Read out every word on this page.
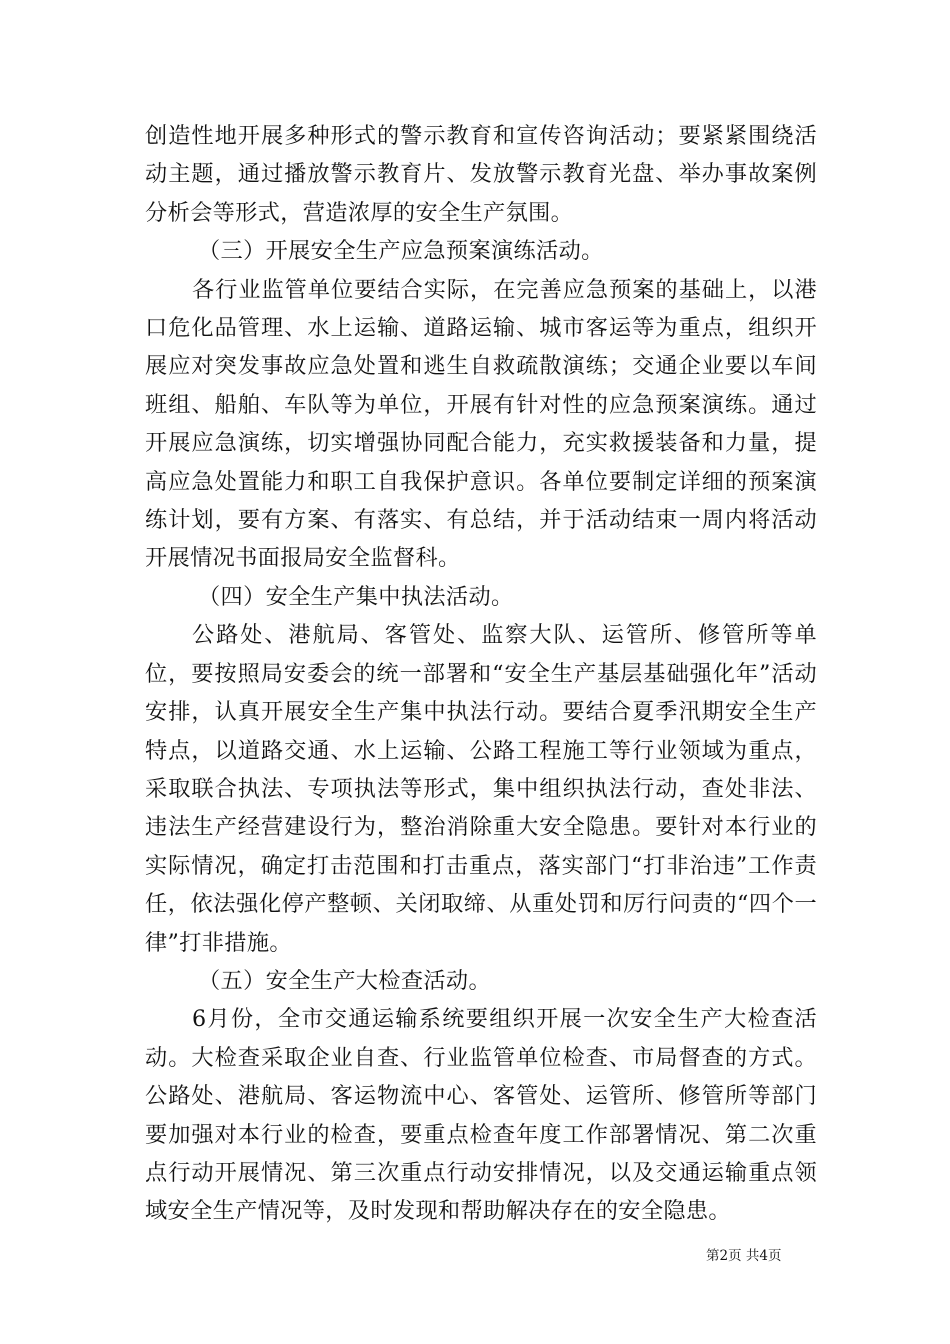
创造性地开展多种形式的警示教育和宣传咨询活动；要紧紧围绕活动主题，通过播放警示教育片、发放警示教育光盘、举办事故案例分析会等形式，营造浓厚的安全生产氛围。

（三）开展安全生产应急预案演练活动。

各行业监管单位要结合实际，在完善应急预案的基础上，以港口危化品管理、水上运输、道路运输、城市客运等为重点，组织开展应对突发事故应急处置和逃生自救疏散演练；交通企业要以车间班组、船舶、车队等为单位，开展有针对性的应急预案演练。通过开展应急演练，切实增强协同配合能力，充实救援装备和力量，提高应急处置能力和职工自我保护意识。各单位要制定详细的预案演练计划，要有方案、有落实、有总结，并于活动结束一周内将活动开展情况书面报局安全监督科。

（四）安全生产集中执法活动。

公路处、港航局、客管处、监察大队、运管所、修管所等单位，要按照局安委会的统一部署和“安全生产基层基础强化年”活动安排，认真开展安全生产集中执法行动。要结合夏季汛期安全生产特点，以道路交通、水上运输、公路工程施工等行业领域为重点，采取联合执法、专项执法等形式，集中组织执法行动，查处非法、违法生产经营建设行为，整治消除重大安全隐患。要针对本行业的实际情况，确定打击范围和打击重点，落实部门“打非治违”工作责任，依法强化停产整顿、关闭取缔、从重处罚和厉行问责的“四个一律”打非措施。

（五）安全生产大检查活动。

6月份，全市交通运输系统要组织开展一次安全生产大检查活动。大检查采取企业自查、行业监管单位检查、市局督查的方式。公路处、港航局、客运物流中心、客管处、运管所、修管所等部门要加强对本行业的检查，要重点检查年度工作部署情况、第二次重点行动开展情况、第三次重点行动安排情况，以及交通运输重点领域安全生产情况等，及时发现和帮助解决存在的安全隐患。

第2页 共4页
